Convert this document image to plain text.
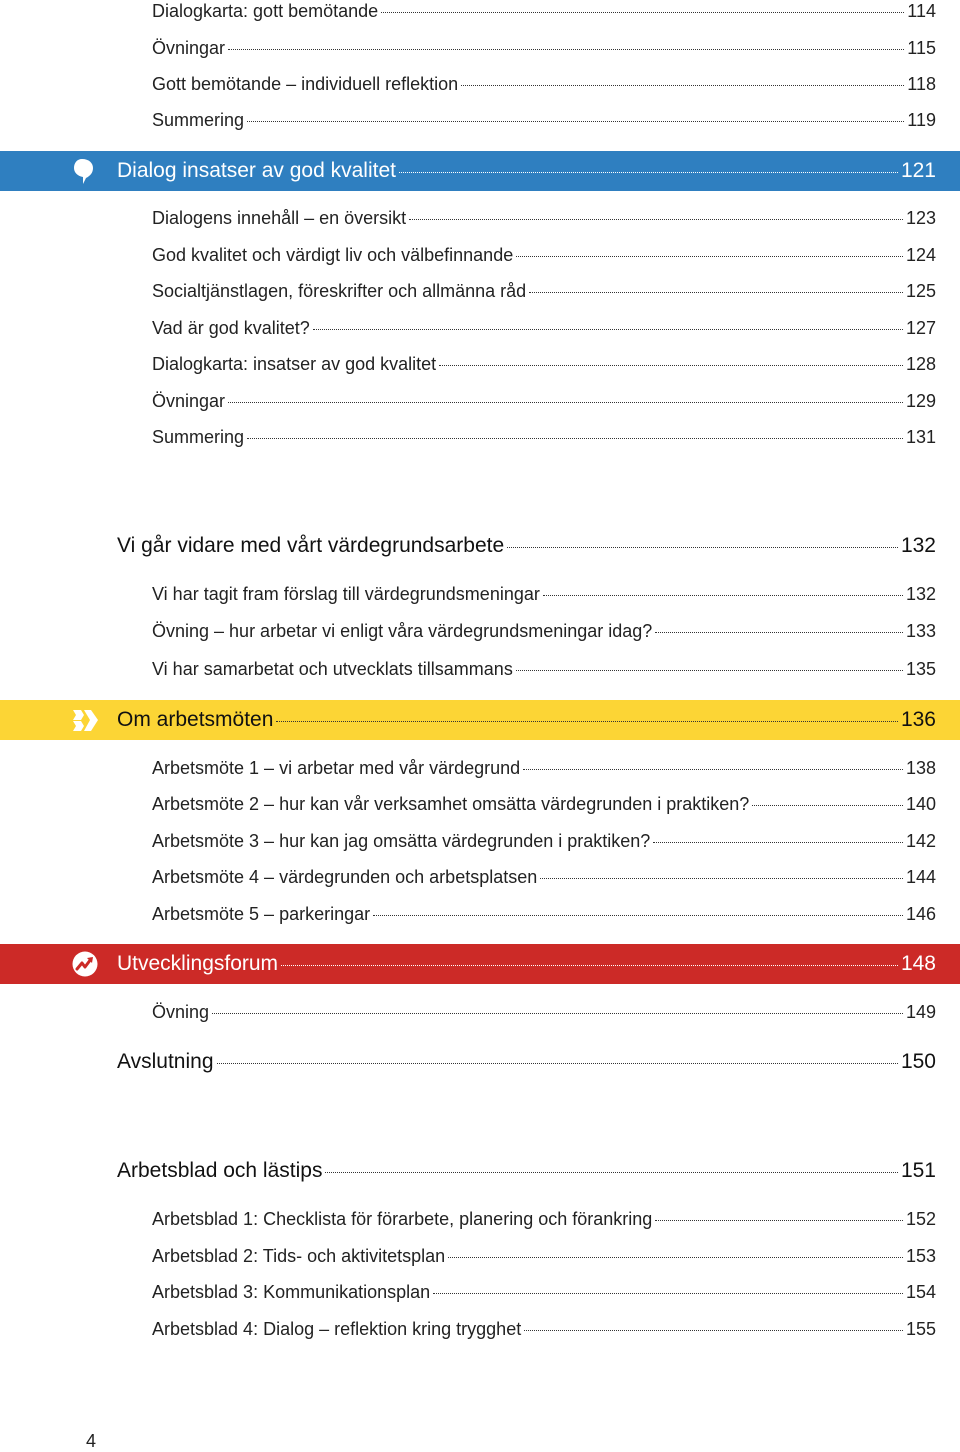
Dialogkarta: gott bemötande	114
Övningar	115
Gott bemötande – individuell reflektion	118
Summering	119
Dialog insatser av god kvalitet	121
Dialogens innehåll – en översikt	123
God kvalitet och värdigt liv och välbefinnande	124
Socialtjänstlagen, föreskrifter och allmänna råd	125
Vad är god kvalitet?	127
Dialogkarta: insatser av god kvalitet	128
Övningar	129
Summering	131
Vi går vidare med vårt värdegrundsarbete	132
Vi har tagit fram förslag till värdegrundsmeningar	132
Övning – hur arbetar vi enligt våra värdegrundsmeningar idag?	133
Vi har samarbetat och utvecklats tillsammans	135
Om arbetsmöten	136
Arbetsmöte 1 – vi arbetar med vår värdegrund	138
Arbetsmöte 2 – hur kan vår verksamhet omsätta värdegrunden i praktiken?	140
Arbetsmöte 3 – hur kan jag omsätta värdegrunden i praktiken?	142
Arbetsmöte 4 – värdegrunden och arbetsplatsen	144
Arbetsmöte 5 – parkeringar	146
Utvecklingsforum	148
Övning	149
Avslutning	150
Arbetsblad och lästips	151
Arbetsblad 1: Checklista för förarbete, planering och förankring	152
Arbetsblad 2: Tids- och aktivitetsplan	153
Arbetsblad 3: Kommunikationsplan	154
Arbetsblad 4: Dialog – reflektion kring trygghet	155
4
